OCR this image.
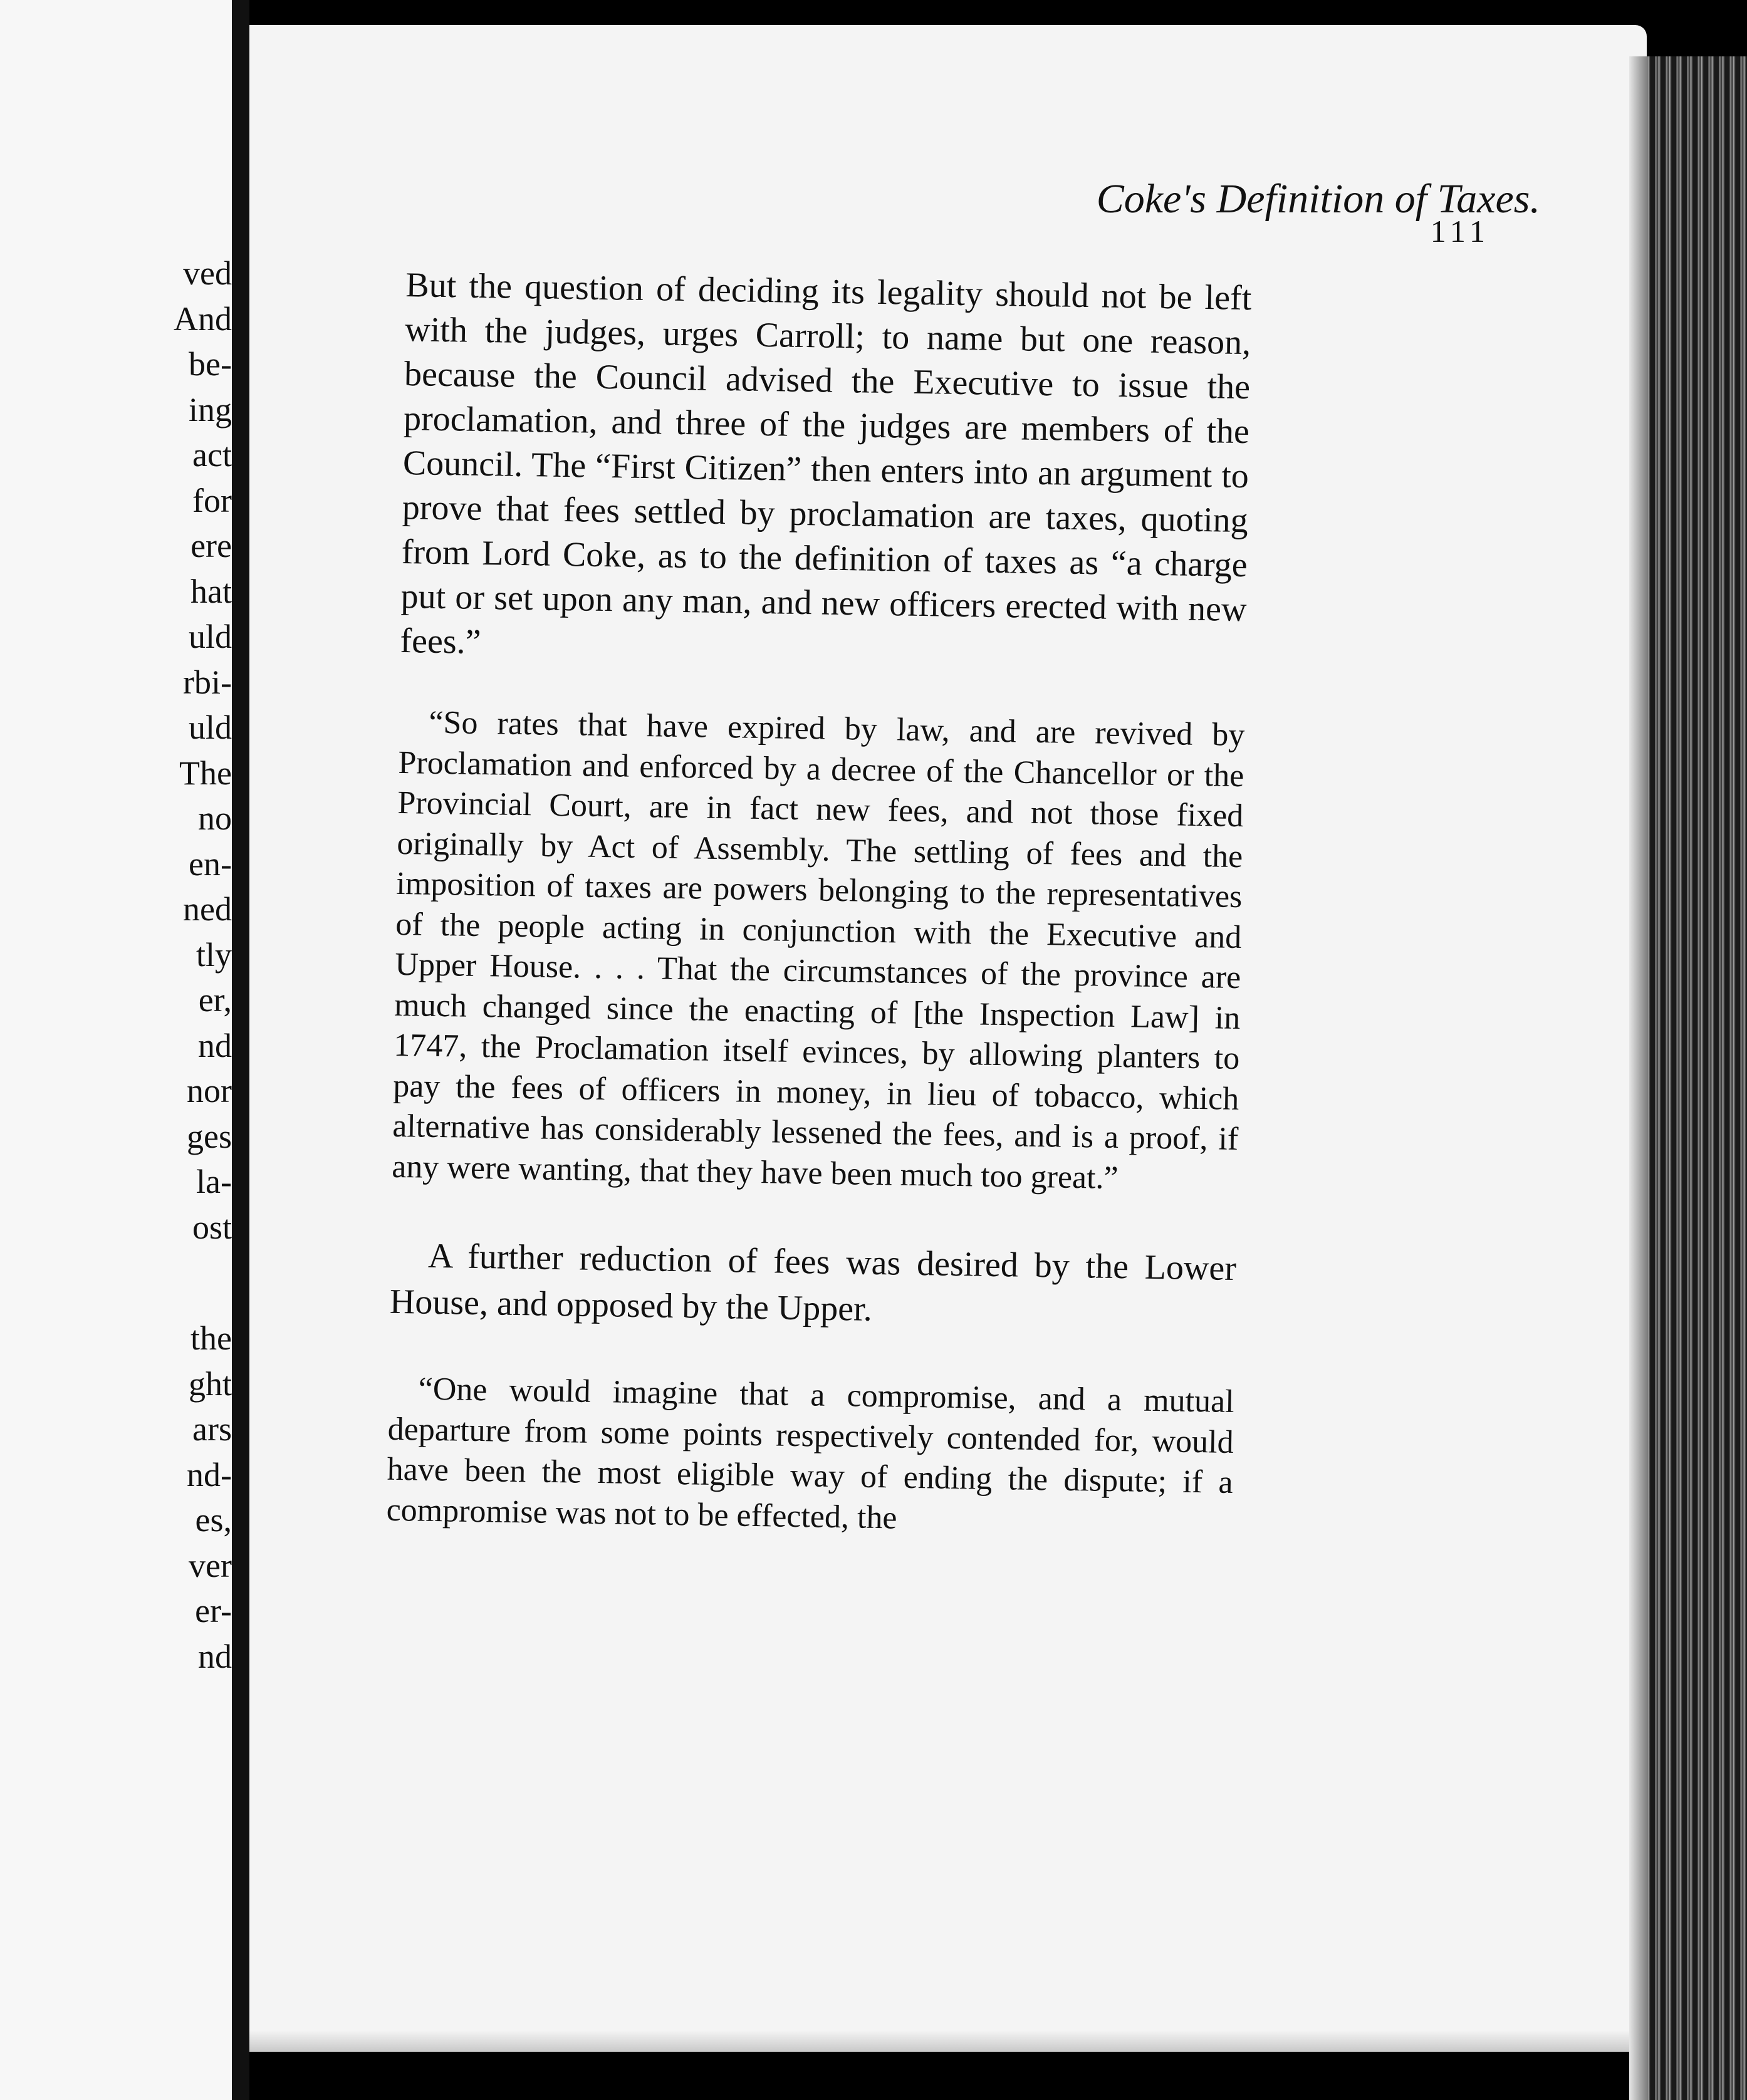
ved
And
be-
ing
act
for
ere
hat
uld
rbi-
uld
The
no
en-
ned
tly
er,
nd
nor
ges
la-
ost
the
ght
ars
nd-
es,
ver
er-
nd
Coke's Definition of Taxes.
111

But the question of deciding its legality should not be left with the judges, urges Carroll; to name but one reason, because the Council advised the Executive to issue the proclamation, and three of the judges are members of the Council. The “First Citizen” then enters into an argument to prove that fees settled by proclamation are taxes, quoting from Lord Coke, as to the definition of taxes as “a charge put or set upon any man, and new officers erected with new fees.”

“So rates that have expired by law, and are revived by Proclamation and enforced by a decree of the Chancellor or the Provincial Court, are in fact new fees, and not those fixed originally by Act of Assembly. The settling of fees and the imposition of taxes are powers belonging to the representatives of the people acting in conjunction with the Executive and Upper House. . . . That the circumstances of the province are much changed since the enacting of [the Inspection Law] in 1747, the Proclamation itself evinces, by allowing planters to pay the fees of officers in money, in lieu of tobacco, which alternative has considerably lessened the fees, and is a proof, if any were wanting, that they have been much too great.”

A further reduction of fees was desired by the Lower House, and opposed by the Upper.

“One would imagine that a compromise, and a mutual departure from some points respectively contended for, would have been the most eligible way of ending the dispute; if a compromise was not to be effected, the
